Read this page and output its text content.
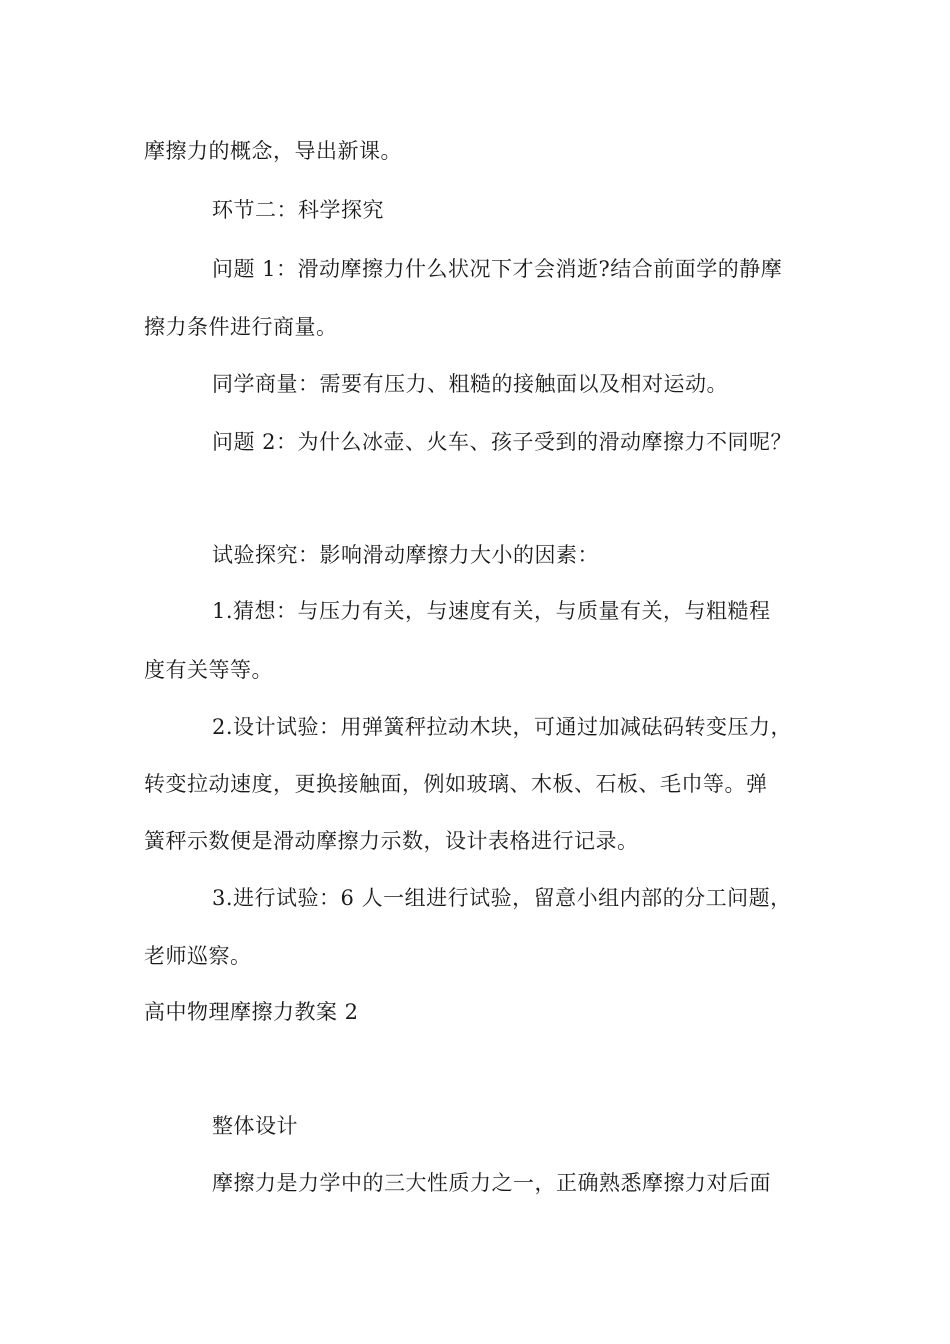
摩擦力的概念，导出新课。
环节二：科学探究
问题 1：滑动摩擦力什么状况下才会消逝?结合前面学的静摩
擦力条件进行商量。
同学商量：需要有压力、粗糙的接触面以及相对运动。
问题 2：为什么冰壶、火车、孩子受到的滑动摩擦力不同呢？
试验探究：影响滑动摩擦力大小的因素：
1.猜想：与压力有关，与速度有关，与质量有关，与粗糙程
度有关等等。
2.设计试验：用弹簧秤拉动木块，可通过加减砝码转变压力，
转变拉动速度，更换接触面，例如玻璃、木板、石板、毛巾等。弹
簧秤示数便是滑动摩擦力示数，设计表格进行记录。
3.进行试验：6 人一组进行试验，留意小组内部的分工问题，
老师巡察。
高中物理摩擦力教案 2
整体设计
摩擦力是力学中的三大性质力之一，正确熟悉摩擦力对后面
